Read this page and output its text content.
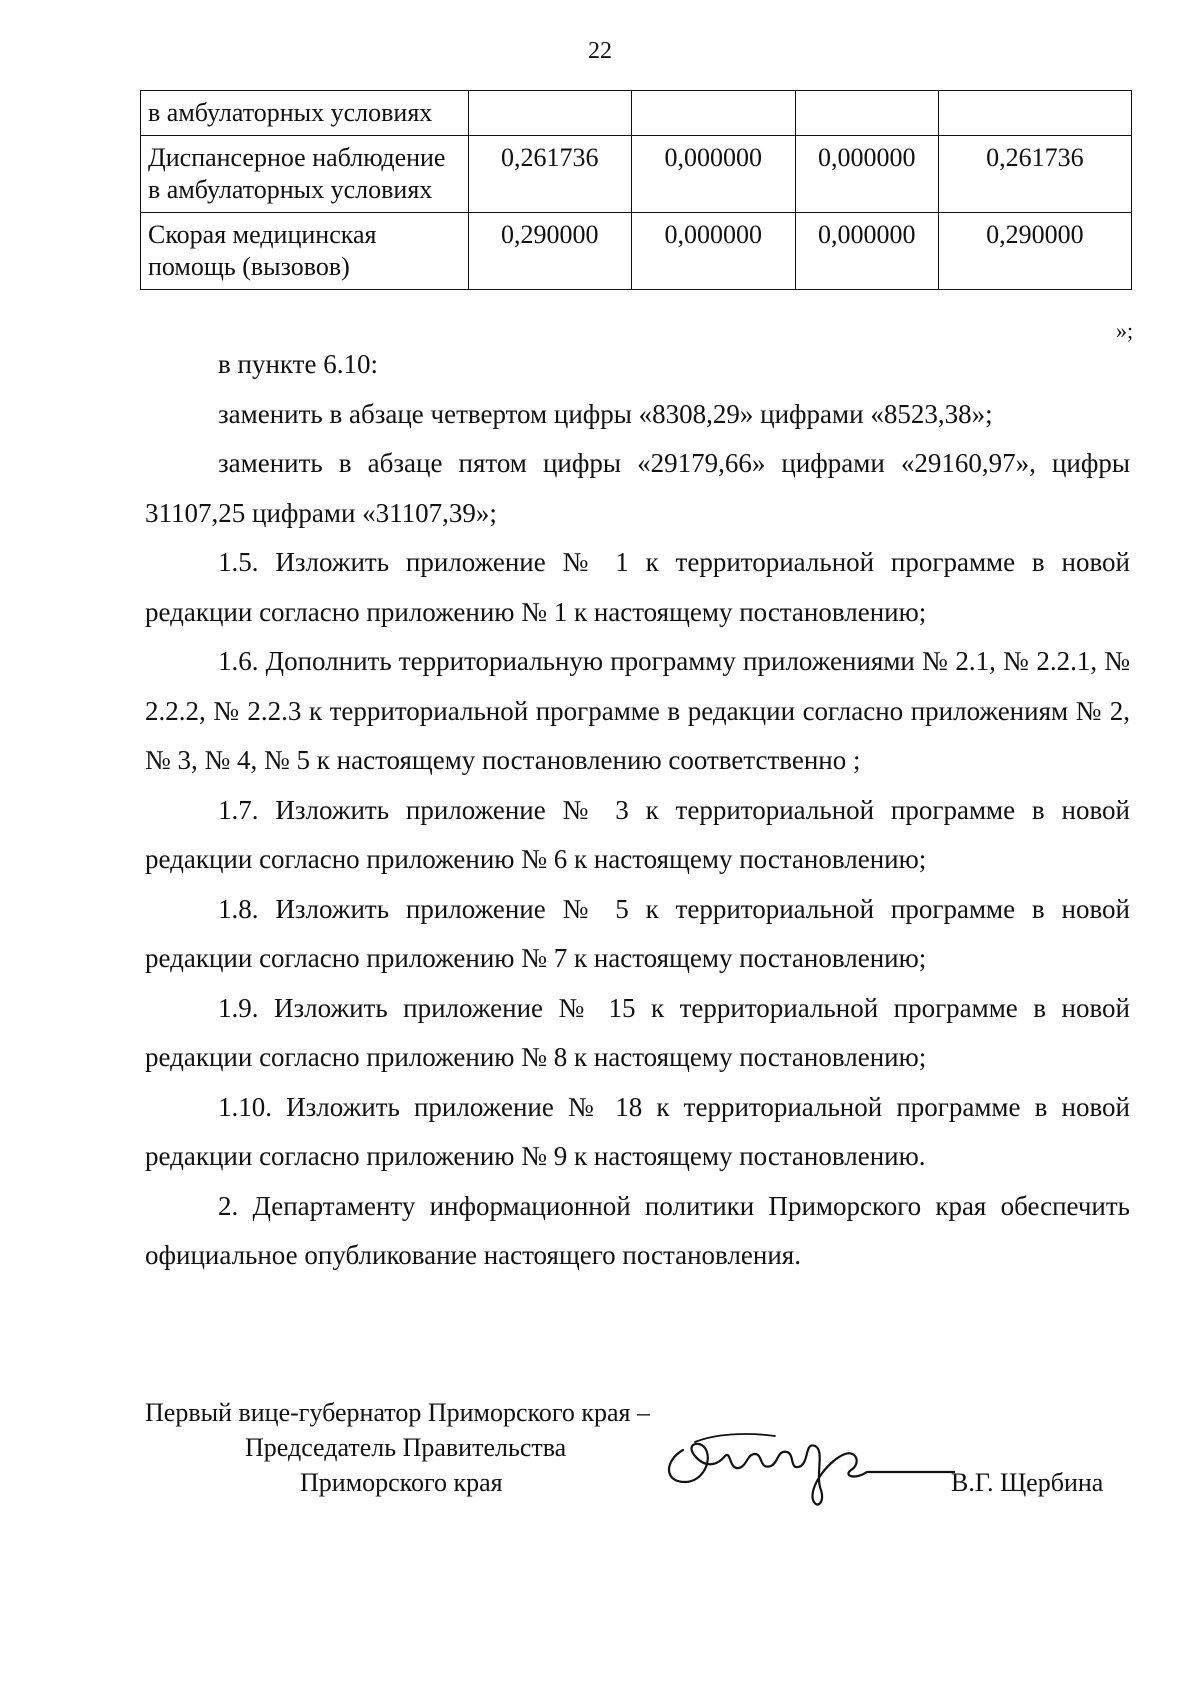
22
в амбулаторных условиях				
Диспансерное наблюдение в амбулаторных условиях	0,261736	0,000000	0,000000	0,261736
Скорая медицинская помощь (вызовов)	0,290000	0,000000	0,000000	0,290000
»;

в пункте 6.10:

заменить в абзаце четвертом цифры «8308,29» цифрами «8523,38»;

заменить в абзаце пятом цифры «29179,66» цифрами «29160,97», цифры 31107,25 цифрами «31107,39»;

1.5. Изложить приложение № 1 к территориальной программе в новой редакции согласно приложению № 1 к настоящему постановлению;

1.6. Дополнить территориальную программу приложениями № 2.1, № 2.2.1, № 2.2.2, № 2.2.3 к территориальной программе в редакции согласно приложениям № 2, № 3, № 4, № 5 к настоящему постановлению соответственно ;

1.7. Изложить приложение № 3 к территориальной программе в новой редакции согласно приложению № 6 к настоящему постановлению;

1.8. Изложить приложение № 5 к территориальной программе в новой редакции согласно приложению № 7 к настоящему постановлению;

1.9. Изложить приложение № 15 к территориальной программе в новой редакции согласно приложению № 8 к настоящему постановлению;

1.10. Изложить приложение № 18 к территориальной программе в новой редакции согласно приложению № 9 к настоящему постановлению.

2. Департаменту информационной политики Приморского края обеспечить официальное опубликование настоящего постановления.

Первый вице-губернатор Приморского края –
Председатель Правительства
Приморского края	В.Г. Щербина
